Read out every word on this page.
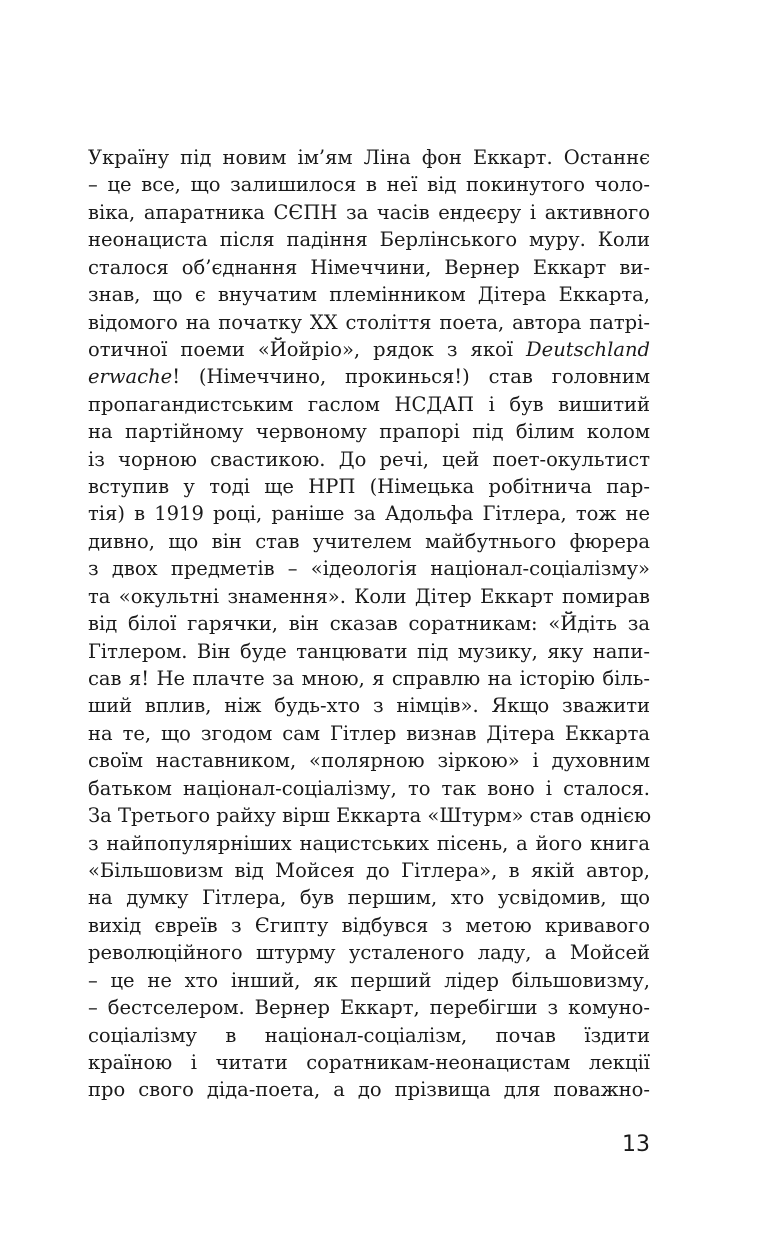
Україну під новим ім’ям Ліна фон Еккарт. Останнє
– це все, що залишилося в неї від покинутого чоло-
віка, апаратника СЄПН за часів ендеєру і активного
неонациста після падіння Берлінського муру. Коли
сталося об’єднання Німеччини, Вернер Еккарт ви-
знав, що є внучатим племінником Дітера Еккарта,
відомого на початку XX століття поета, автора патрі-
отичної поеми «Йойріо», рядок з якої Deutschland
erwache! (Німеччино, прокинься!) став головним
пропагандистським гаслом НСДАП і був вишитий
на партійному червоному прапорі під білим колом
із чорною свастикою. До речі, цей поет-окультист
вступив у тоді ще НРП (Німецька робітнича пар-
тія) в 1919 році, раніше за Адольфа Гітлера, тож не
дивно, що він став учителем майбутнього фюрера
з двох предметів – «ідеологія націонал-соціалізму»
та «окультні знамення». Коли Дітер Еккарт помирав
від білої гарячки, він сказав соратникам: «Йдіть за
Гітлером. Він буде танцювати під музику, яку напи-
сав я! Не плачте за мною, я справлю на історію біль-
ший вплив, ніж будь-хто з німців». Якщо зважити
на те, що згодом сам Гітлер визнав Дітера Еккарта
своїм наставником, «полярною зіркою» і духовним
батьком націонал-соціалізму, то так воно і сталося.
За Третього райху вірш Еккарта «Штурм» став однією
з найпопулярніших нацистських пісень, а його книга
«Більшовизм від Мойсея до Гітлера», в якій автор,
на думку Гітлера, був першим, хто усвідомив, що
вихід євреїв з Єгипту відбувся з метою кривавого
революційного штурму усталеного ладу, а Мойсей
– це не хто інший, як перший лідер більшовизму,
– бестселером. Вернер Еккарт, перебігши з комуно-
соціалізму в націонал-соціалізм, почав їздити
країною і читати соратникам-неонацистам лекції
про свого діда-поета, а до прізвища для поважно-
13
